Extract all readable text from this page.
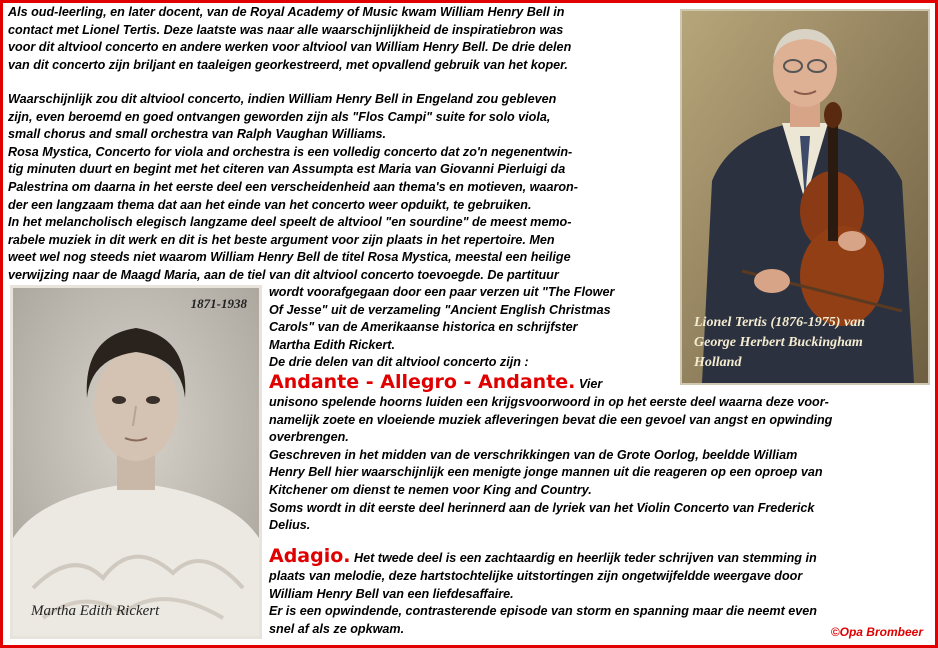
Als oud-leerling, en later docent, van de Royal Academy of Music kwam William Henry Bell in
contact met Lionel Tertis. Deze laatste was naar alle waarschijnlijkheid de inspiratiebron was
voor dit altviool concerto en andere werken voor altviool van William Henry Bell. De drie delen
van dit concerto zijn briljant en taaleigen georkestreerd, met opvallend gebruik van het koper.
Waarschijnlijk zou dit altviool concerto, indien William Henry Bell in Engeland zou gebleven
zijn, even beroemd en goed ontvangen geworden zijn als "Flos Campi" suite for solo viola,
small chorus and small orchestra van Ralph Vaughan Williams.
Rosa Mystica, Concerto for viola and orchestra is een volledig concerto dat zo'n negenentwin-
tig minuten duurt en begint met het citeren van Assumpta est Maria van Giovanni Pierluigi da
Palestrina om daarna in het eerste deel een verscheidenheid aan thema's en motieven, waaron-
der een langzaam thema dat aan het einde van het concerto weer opduikt, te gebruiken.
In het melancholisch elegisch langzame deel speelt de altviool "en sourdine" de meest memo-
rabele muziek in dit werk en dit is het beste argument voor zijn plaats in het repertoire. Men
weet wel nog steeds niet waarom William Henry Bell de titel Rosa Mystica, meestal een heilige
verwijzing naar de Maagd Maria, aan de tiel van dit altviool concerto toevoegde. De partituur
wordt voorafgegaan door een paar verzen uit "The Flower
Of Jesse" uit de verzameling "Ancient English Christmas
Carols" van de Amerikaanse historica en schrijfster
Martha Edith Rickert.
De drie delen van dit altviool concerto zijn :
Andante - Allegro - Andante. Vier
unisono spelende hoorns luiden een krijgsvoorwoord in op het eerste deel waarna deze voor-
namelijk zoete en vloeiende muziek afleveringen bevat die een gevoel van angst en opwinding
overbrengen.
Geschreven in het midden van de verschrikkingen van de Grote Oorlog, beeldde William
Henry Bell hier waarschijnlijk een menigte jonge mannen uit die reageren op een oproep van
Kitchener om dienst te nemen voor King and Country.
Soms wordt in dit eerste deel herinnerd aan de lyriek van het Violin Concerto van Frederick
Delius.
Adagio. Het twede deel is een zachtaardig en heerlijk teder schrijven van stemming in
plaats van melodie, deze hartstochtelijke uitstortingen zijn ongetwijfeldde weergave door
William Henry Bell van een liefdesaffaire.
Er is een opwindende, contrasterende episode van storm en spanning maar die neemt even
snel af als ze opkwam.
Lionel Tertis (1876-1975) van
George Herbert Buckingham
Holland
1871-1938
Martha Edith Rickert
©Opa Brombeer
